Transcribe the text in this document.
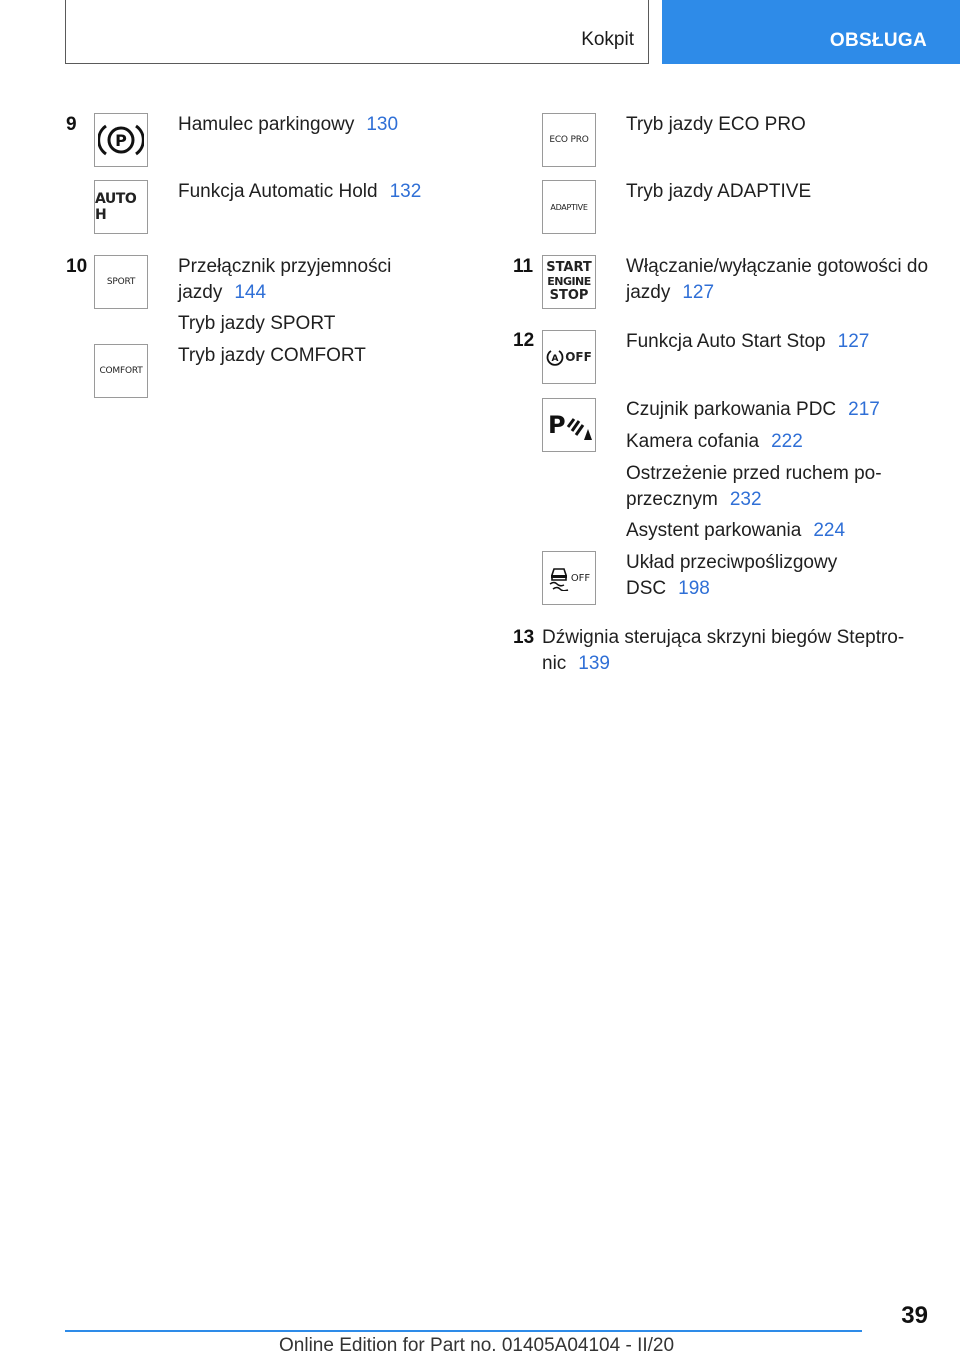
Kokpit	OBSŁUGA
9
P
Hamulec parkingowy 130
AUTO H
Funkcja Automatic Hold 132
10
SPORT
Przełącznik przyjemności
jazdy 144
Tryb jazdy SPORT
COMFORT
Tryb jazdy COMFORT
ECO PRO
Tryb jazdy ECO PRO
ADAPTIVE
Tryb jazdy ADAPTIVE
11 START
ENGINE
STOP
Włączanie/wyłączanie gotowości do
jazdy 127
12
A OFF
Funkcja Auto Start Stop 127
P
Czujnik parkowania PDC 217
Kamera cofania 222
Ostrzeżenie przed ruchem po-
przecznym 232
Asystent parkowania 224
OFF
Układ przeciwpoślizgowy
DSC 198
13 Dźwignia sterująca skrzyni biegów Steptro-
nic 139
39
Online Edition for Part no. 01405A04104 - II/20
